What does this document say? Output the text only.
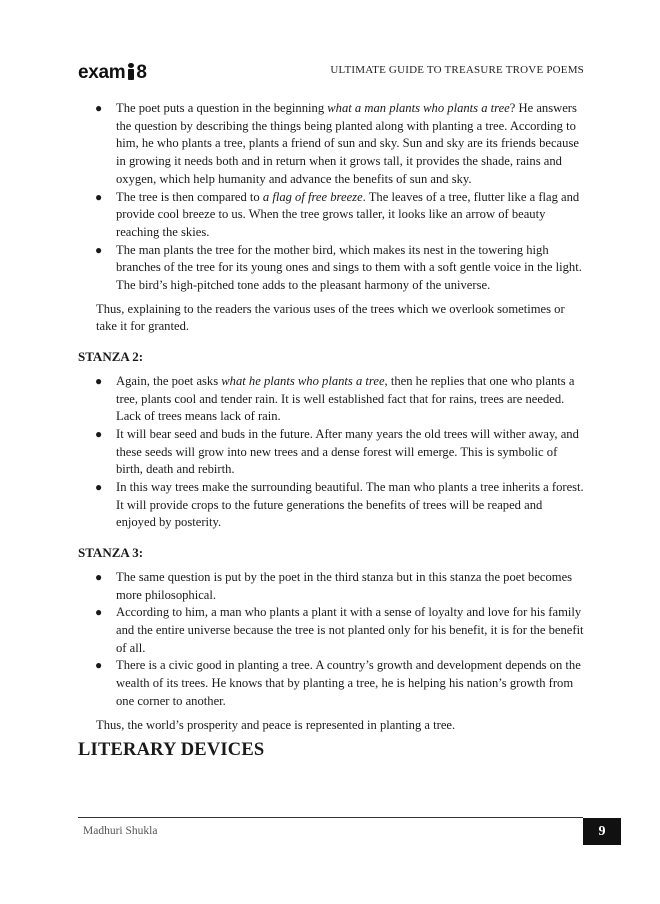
exam 8	ULTIMATE GUIDE TO TREASURE TROVE POEMS
● The poet puts a question in the beginning what a man plants who plants a tree? He answers the question by describing the things being planted along with planting a tree. According to him, he who plants a tree, plants a friend of sun and sky. Sun and sky are its friends because in growing it needs both and in return when it grows tall, it provides the shade, rains and oxygen, which help humanity and advance the benefits of sun and sky.
● The tree is then compared to a flag of free breeze. The leaves of a tree, flutter like a flag and provide cool breeze to us. When the tree grows taller, it looks like an arrow of beauty reaching the skies.
● The man plants the tree for the mother bird, which makes its nest in the towering high branches of the tree for its young ones and sings to them with a soft gentle voice in the light. The bird’s high-pitched tone adds to the pleasant harmony of the universe.

Thus, explaining to the readers the various uses of the trees which we overlook sometimes or take it for granted.

STANZA 2:

● Again, the poet asks what he plants who plants a tree, then he replies that one who plants a tree, plants cool and tender rain. It is well established fact that for rains, trees are needed. Lack of trees means lack of rain.
● It will bear seed and buds in the future. After many years the old trees will wither away, and these seeds will grow into new trees and a dense forest will emerge. This is symbolic of birth, death and rebirth.
● In this way trees make the surrounding beautiful. The man who plants a tree inherits a forest. It will provide crops to the future generations the benefits of trees will be reaped and enjoyed by posterity.

STANZA 3:

● The same question is put by the poet in the third stanza but in this stanza the poet becomes more philosophical.
● According to him, a man who plants a plant it with a sense of loyalty and love for his family and the entire universe because the tree is not planted only for his benefit, it is for the benefit of all.
● There is a civic good in planting a tree. A country’s growth and development depends on the wealth of its trees. He knows that by planting a tree, he is helping his nation’s growth from one corner to another.

Thus, the world’s prosperity and peace is represented in planting a tree.

LITERARY DEVICES
Madhuri Shukla	9
